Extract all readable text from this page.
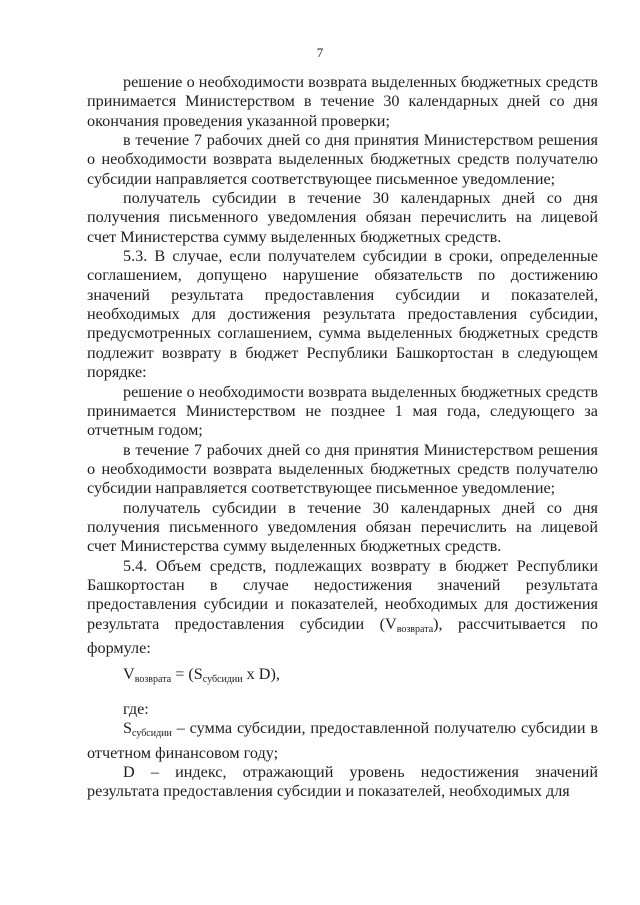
7

решение о необходимости возврата выделенных бюджетных средств принимается Министерством в течение 30 календарных дней со дня окончания проведения указанной проверки;

в течение 7 рабочих дней со дня принятия Министерством решения о необходимости возврата выделенных бюджетных средств получателю субсидии направляется соответствующее письменное уведомление;

получатель субсидии в течение 30 календарных дней со дня получения письменного уведомления обязан перечислить на лицевой счет Министерства сумму выделенных бюджетных средств.

5.3. В случае, если получателем субсидии в сроки, определенные соглашением, допущено нарушение обязательств по достижению значений результата предоставления субсидии и показателей, необходимых для достижения результата предоставления субсидии, предусмотренных соглашением, сумма выделенных бюджетных средств подлежит возврату в бюджет Республики Башкортостан в следующем порядке:

решение о необходимости возврата выделенных бюджетных средств принимается Министерством не позднее 1 мая года, следующего за отчетным годом;

в течение 7 рабочих дней со дня принятия Министерством решения о необходимости возврата выделенных бюджетных средств получателю субсидии направляется соответствующее письменное уведомление;

получатель субсидии в течение 30 календарных дней со дня получения письменного уведомления обязан перечислить на лицевой счет Министерства сумму выделенных бюджетных средств.

5.4. Объем средств, подлежащих возврату в бюджет Республики Башкортостан в случае недостижения значений результата предоставления субсидии и показателей, необходимых для достижения результата предоставления субсидии $(V_{возврата})$, рассчитывается по формуле:

$V_{возврата} = (S_{субсидии}$ x D),

где:

$S_{субсидии}$ – сумма субсидии, предоставленной получателю субсидии в отчетном финансовом году;

D – индекс, отражающий уровень недостижения значений результата предоставления субсидии и показателей, необходимых для
